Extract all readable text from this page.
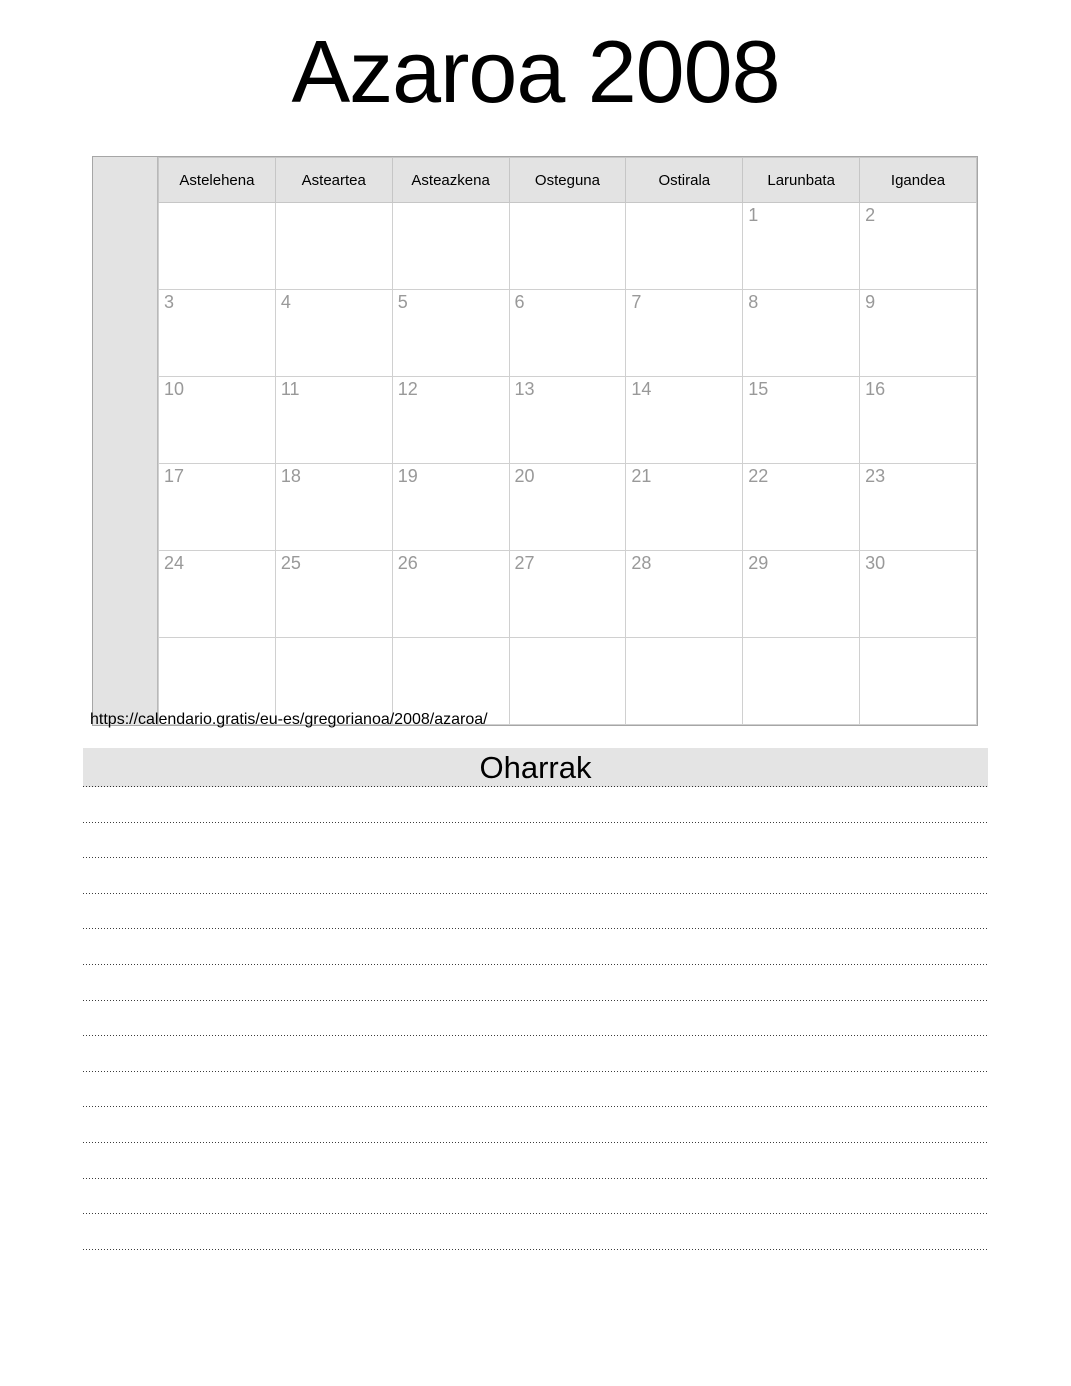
Azaroa 2008
Astelehena	Asteartea	Asteazkena	Osteguna	Ostirala	Larunbata	Igandea
					1	2
3	4	5	6	7	8	9
10	11	12	13	14	15	16
17	18	19	20	21	22	23
24	25	26	27	28	29	30

https://calendario.gratis/eu-es/gregorianoa/2008/azaroa/
Oharrak
